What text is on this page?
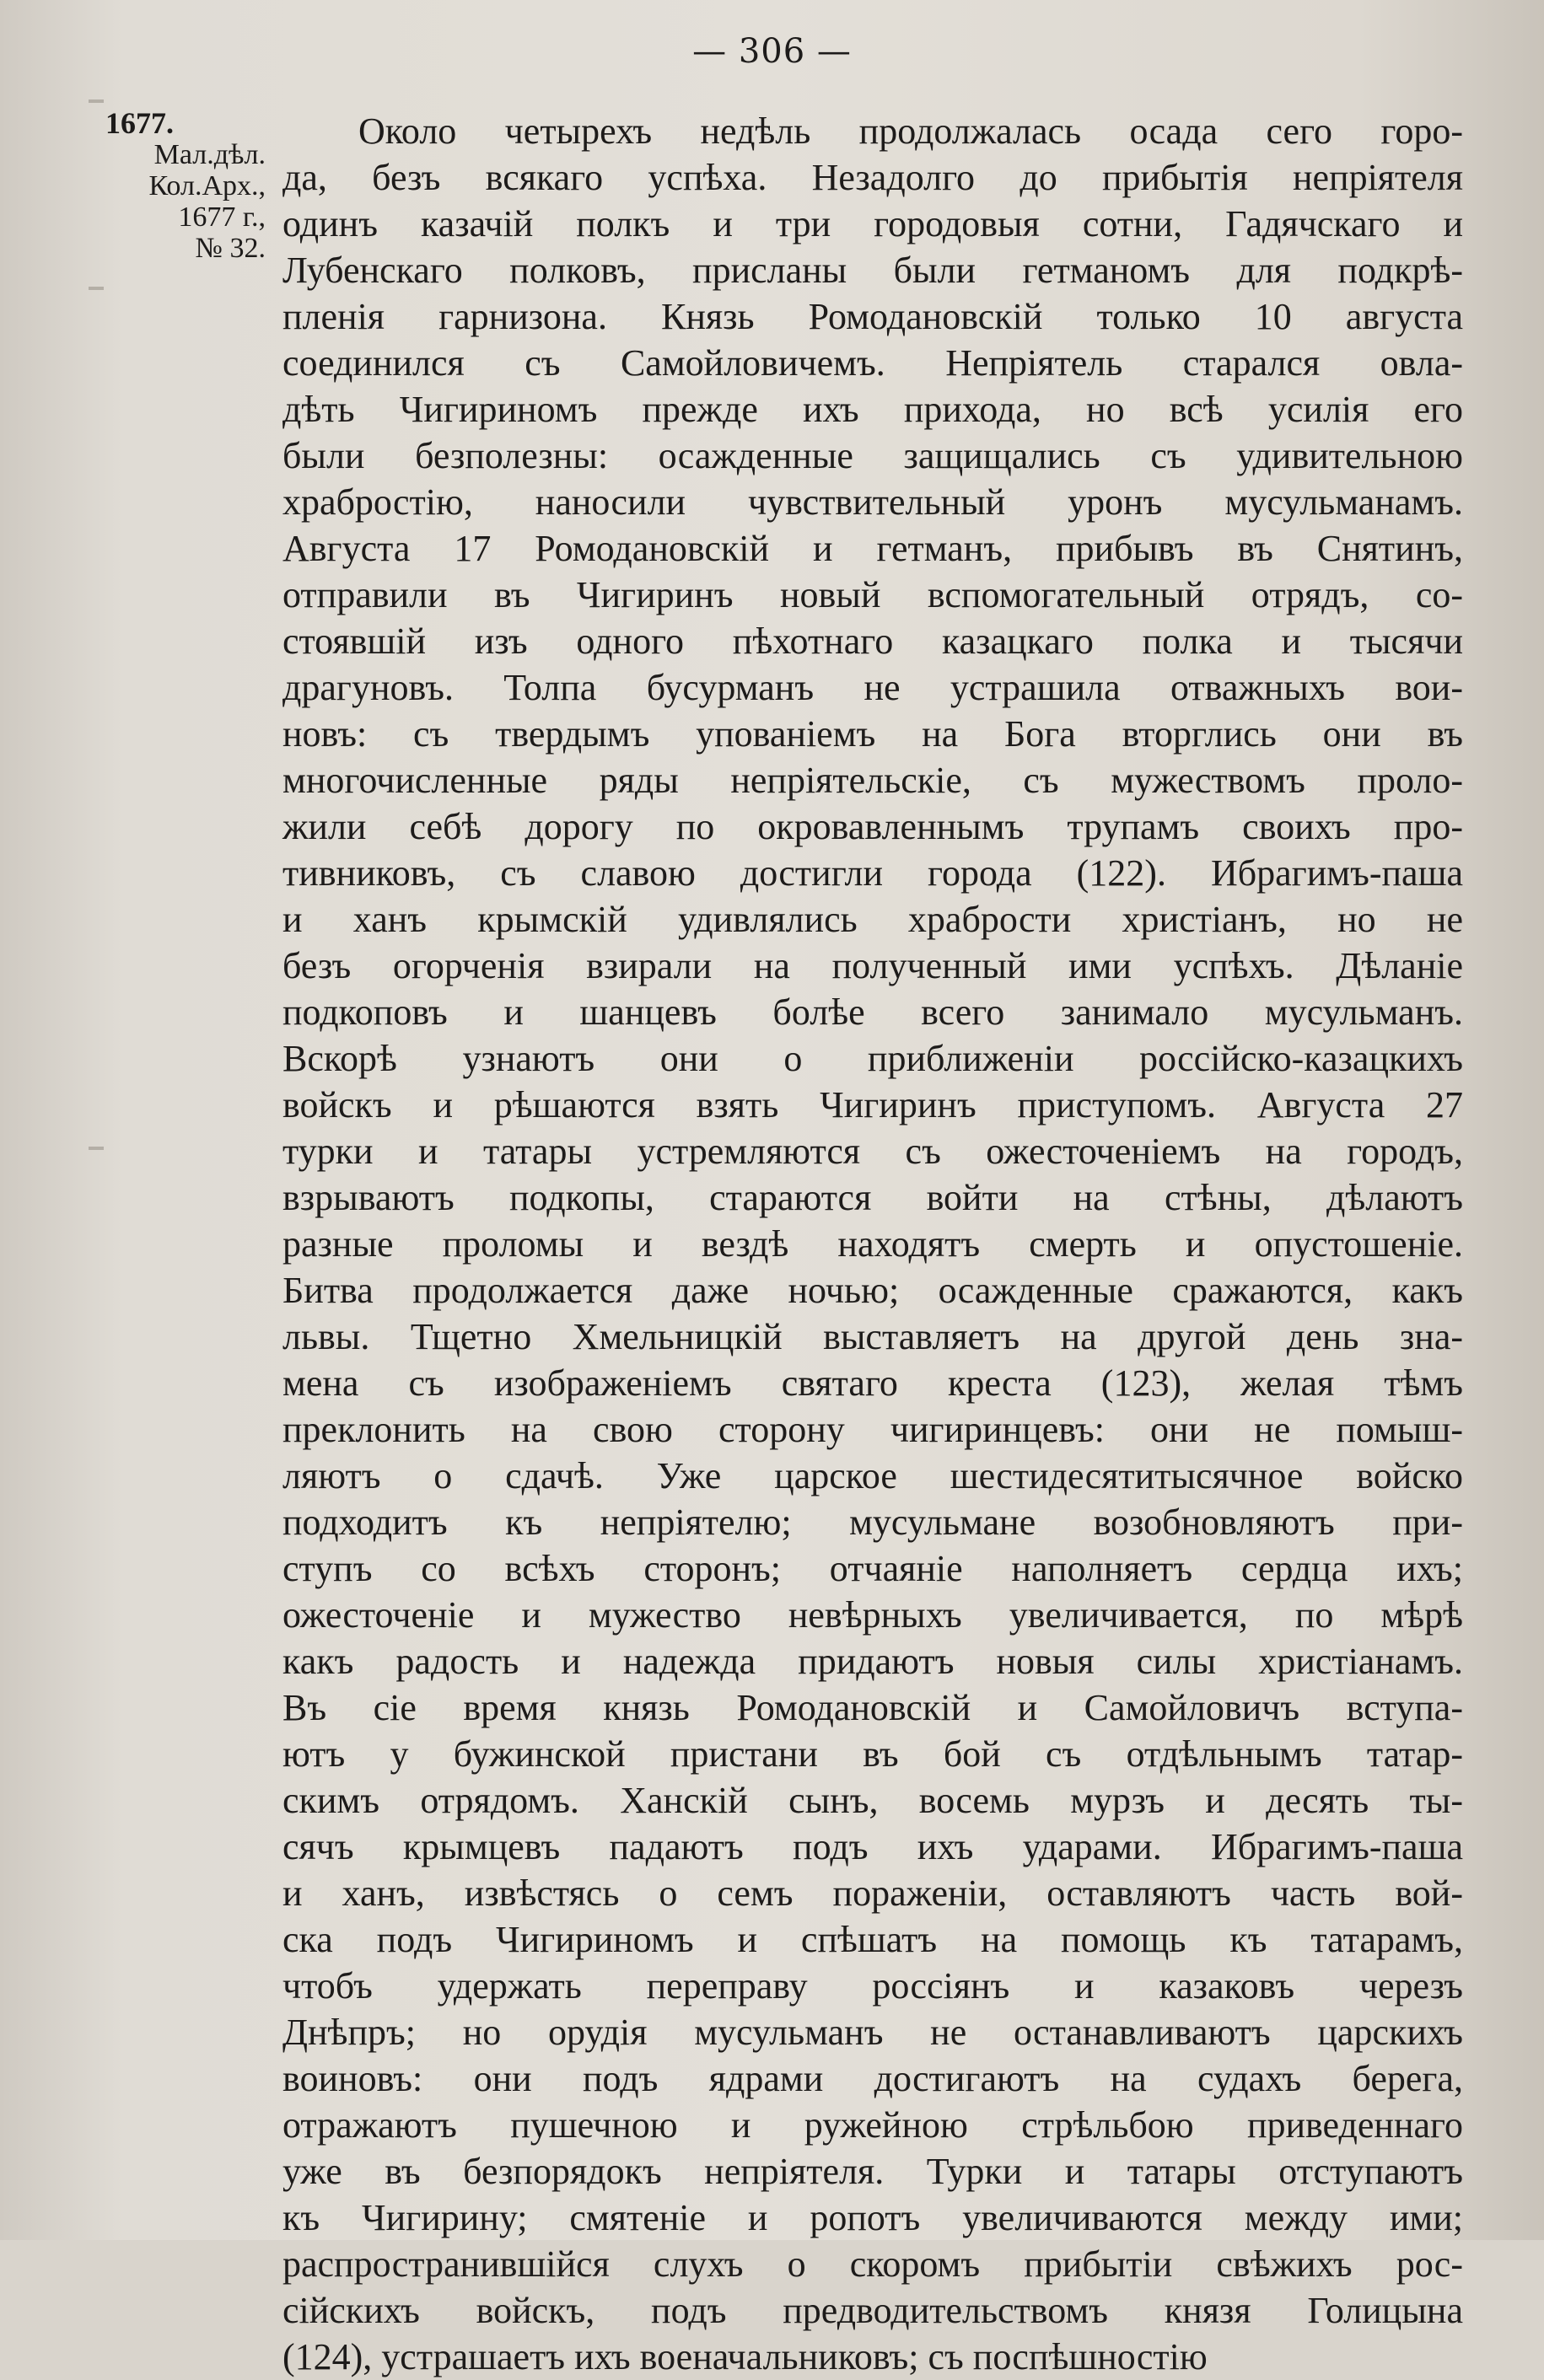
— 306 —
1677.
Мал.дѣл.
Кол.Арх.,
1677 г.,
№ 32.
Около четырехъ недѣль продолжалась осада сего горо-
да, безъ всякаго успѣха. Незадолго до прибытія непріятеля
одинъ казачій полкъ и три городовыя сотни, Гадячскаго и
Лубенскаго полковъ, присланы были гетманомъ для подкрѣ-
пленія гарнизона. Князь Ромодановскій только 10 августа
соединился съ Самойловичемъ. Непріятель старался овла-
дѣть Чигириномъ прежде ихъ прихода, но всѣ усилія его
были безполезны: осажденные защищались съ удивительною
храбростію, наносили чувствительный уронъ мусульманамъ.
Августа 17 Ромодановскій и гетманъ, прибывъ въ Снятинъ,
отправили въ Чигиринъ новый вспомогательный отрядъ, со-
стоявшій изъ одного пѣхотнаго казацкаго полка и тысячи
драгуновъ. Толпа бусурманъ не устрашила отважныхъ вои-
новъ: съ твердымъ упованіемъ на Бога вторглись они въ
многочисленные ряды непріятельскіе, съ мужествомъ проло-
жили себѣ дорогу по окровавленнымъ трупамъ своихъ про-
тивниковъ, съ славою достигли города (122). Ибрагимъ-паша
и ханъ крымскій удивлялись храбрости христіанъ, но не
безъ огорченія взирали на полученный ими успѣхъ. Дѣланіе
подкоповъ и шанцевъ болѣе всего занимало мусульманъ.
Вскорѣ узнаютъ они о приближеніи россійско-казацкихъ
войскъ и рѣшаются взять Чигиринъ приступомъ. Августа 27
турки и татары устремляются съ ожесточеніемъ на городъ,
взрываютъ подкопы, стараются войти на стѣны, дѣлаютъ
разные проломы и вездѣ находятъ смерть и опустошеніе.
Битва продолжается даже ночью; осажденные сражаются, какъ
львы. Тщетно Хмельницкій выставляетъ на другой день зна-
мена съ изображеніемъ святаго креста (123), желая тѣмъ
преклонить на свою сторону чигиринцевъ: они не помыш-
ляютъ о сдачѣ. Уже царское шестидесятитысячное войско
подходитъ къ непріятелю; мусульмане возобновляютъ при-
ступъ со всѣхъ сторонъ; отчаяніе наполняетъ сердца ихъ;
ожесточеніе и мужество невѣрныхъ увеличивается, по мѣрѣ
какъ радость и надежда придаютъ новыя силы христіанамъ.
Въ сіе время князь Ромодановскій и Самойловичъ вступа-
ютъ у бужинской пристани въ бой съ отдѣльнымъ татар-
скимъ отрядомъ. Ханскій сынъ, восемь мурзъ и десять ты-
сячъ крымцевъ падаютъ подъ ихъ ударами. Ибрагимъ-паша
и ханъ, извѣстясь о семъ пораженіи, оставляютъ часть вой-
ска подъ Чигириномъ и спѣшатъ на помощь къ татарамъ,
чтобъ удержать переправу россіянъ и казаковъ черезъ
Днѣпръ; но орудія мусульманъ не останавливаютъ царскихъ
воиновъ: они подъ ядрами достигаютъ на судахъ берега,
отражаютъ пушечною и ружейною стрѣльбою приведеннаго
уже въ безпорядокъ непріятеля. Турки и татары отступаютъ
къ Чигирину; смятеніе и ропотъ увеличиваются между ими;
распространившійся слухъ о скоромъ прибытіи свѣжихъ рос-
сійскихъ войскъ, подъ предводительствомъ князя Голицына
(124), устрашаетъ ихъ военачальниковъ; съ поспѣшностію
